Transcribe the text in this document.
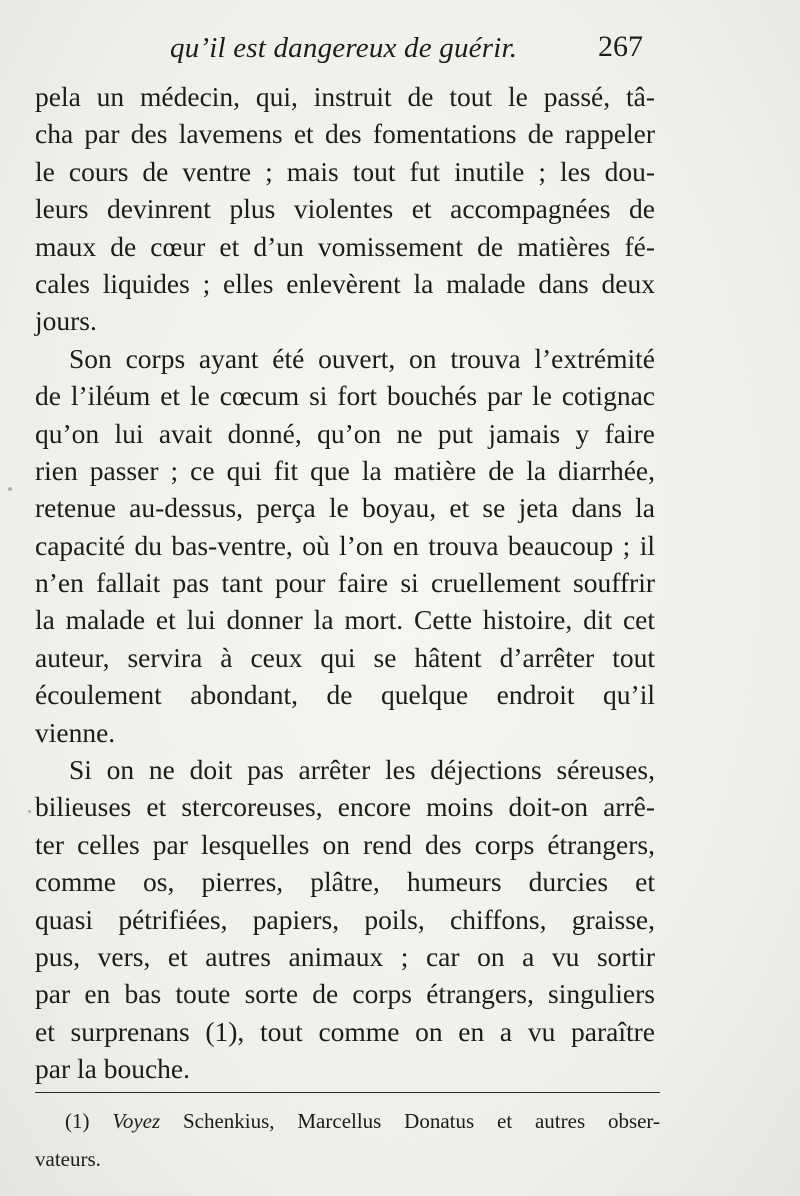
qu’il est dangereux de guérir.	267
pela un médecin, qui, instruit de tout le passé, tâ-
cha par des lavemens et des fomentations de rappeler
le cours de ventre ; mais tout fut inutile ; les dou-
leurs devinrent plus violentes et accompagnées de
maux de cœur et d’un vomissement de matières fé-
cales liquides ; elles enlevèrent la malade dans deux
jours.
Son corps ayant été ouvert, on trouva l’extrémité
de l’iléum et le cœcum si fort bouchés par le cotignac
qu’on lui avait donné, qu’on ne put jamais y faire
rien passer ; ce qui fit que la matière de la diarrhée,
retenue au-dessus, perça le boyau, et se jeta dans la
capacité du bas-ventre, où l’on en trouva beaucoup ; il
n’en fallait pas tant pour faire si cruellement souffrir
la malade et lui donner la mort. Cette histoire, dit cet
auteur, servira à ceux qui se hâtent d’arrêter tout
écoulement abondant, de quelque endroit qu’il
vienne.
Si on ne doit pas arrêter les déjections séreuses,
bilieuses et stercoreuses, encore moins doit-on arrê-
ter celles par lesquelles on rend des corps étrangers,
comme os, pierres, plâtre, humeurs durcies et
quasi pétrifiées, papiers, poils, chiffons, graisse,
pus, vers, et autres animaux ; car on a vu sortir
par en bas toute sorte de corps étrangers, singuliers
et surprenans (1), tout comme on en a vu paraître
par la bouche.
(1) Voyez Schenkius, Marcellus Donatus et autres obser-
vateurs.
